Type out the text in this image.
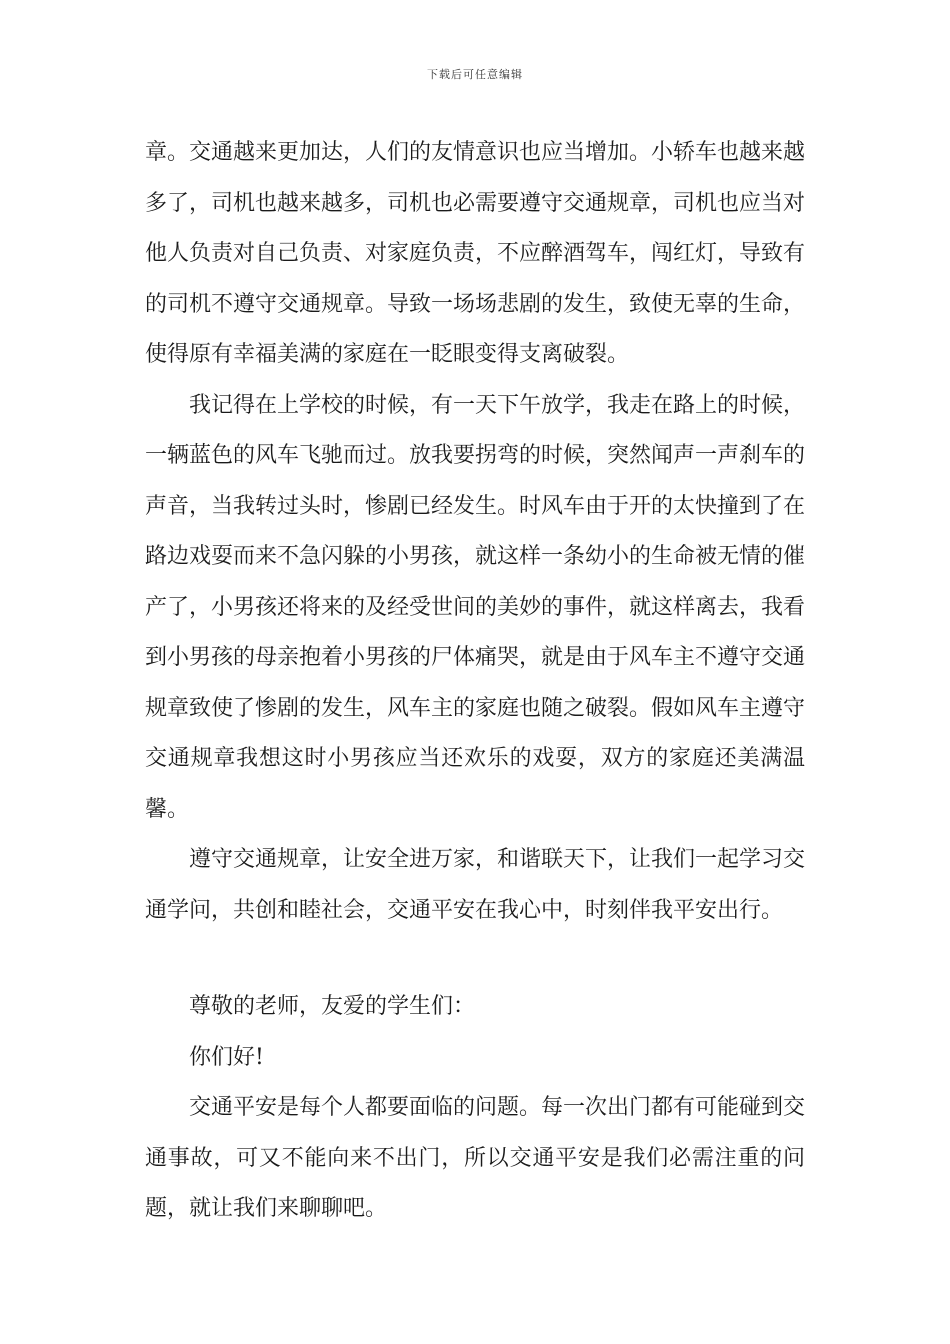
下载后可任意编辑

章。交通越来更加达，人们的友情意识也应当增加。小轿车也越来越多了，司机也越来越多，司机也必需要遵守交通规章，司机也应当对他人负责对自己负责、对家庭负责，不应醉酒驾车，闯红灯，导致有的司机不遵守交通规章。导致一场场悲剧的发生，致使无辜的生命，使得原有幸福美满的家庭在一眨眼变得支离破裂。

我记得在上学校的时候，有一天下午放学，我走在路上的时候，一辆蓝色的风车飞驰而过。放我要拐弯的时候，突然闻声一声刹车的声音，当我转过头时，惨剧已经发生。时风车由于开的太快撞到了在路边戏耍而来不急闪躲的小男孩，就这样一条幼小的生命被无情的催产了，小男孩还将来的及经受世间的美妙的事件，就这样离去，我看到小男孩的母亲抱着小男孩的尸体痛哭，就是由于风车主不遵守交通规章致使了惨剧的发生，风车主的家庭也随之破裂。假如风车主遵守交通规章我想这时小男孩应当还欢乐的戏耍，双方的家庭还美满温馨。

遵守交通规章，让安全进万家，和谐联天下，让我们一起学习交通学问，共创和睦社会，交通平安在我心中，时刻伴我平安出行。

尊敬的老师，友爱的学生们：

你们好!

交通平安是每个人都要面临的问题。每一次出门都有可能碰到交通事故，可又不能向来不出门，所以交通平安是我们必需注重的问题，就让我们来聊聊吧。
